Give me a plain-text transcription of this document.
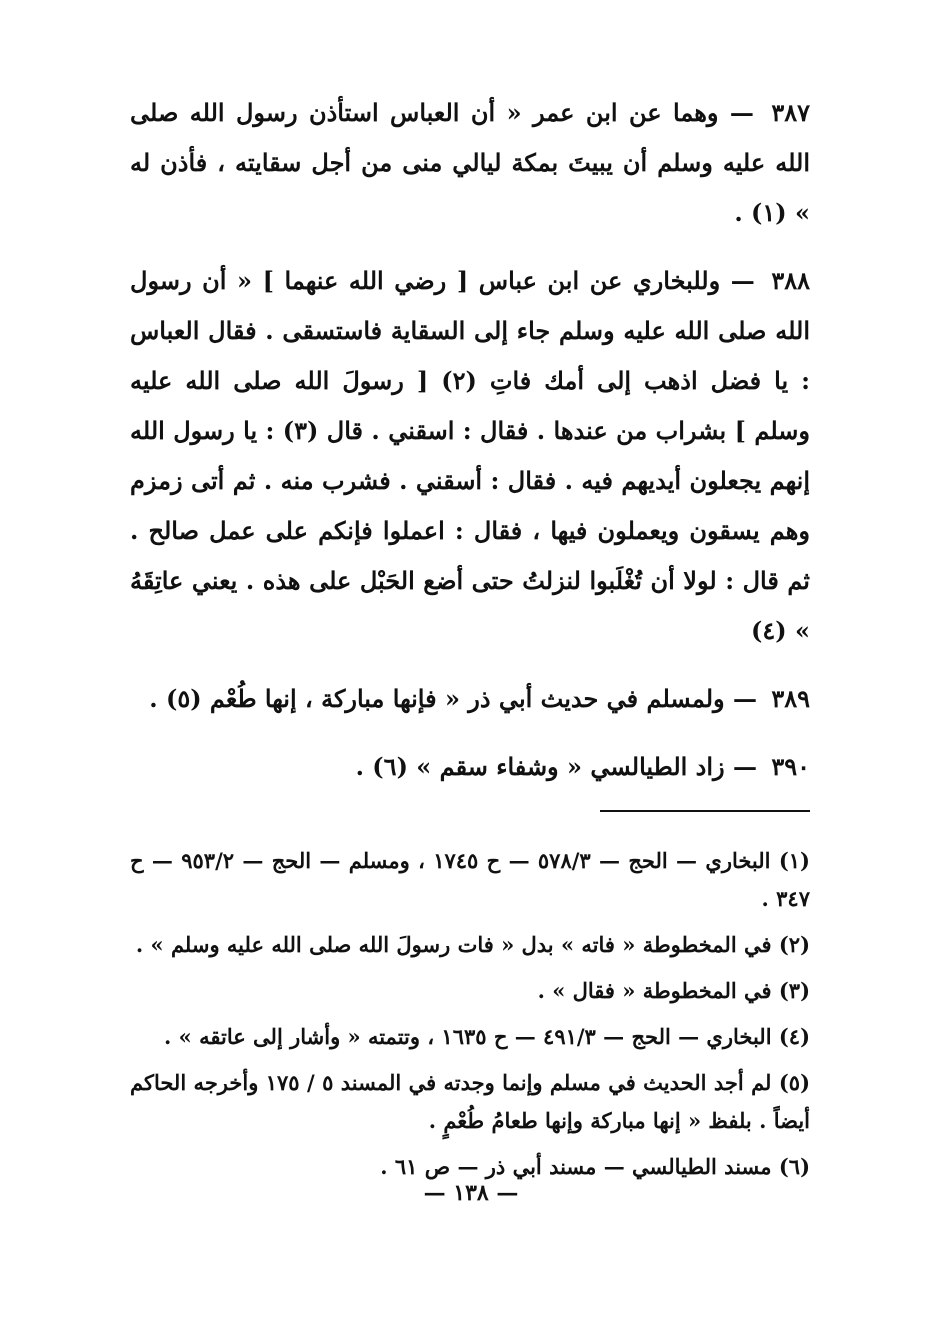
٣٨٧ — وهما عن ابن عمر « أن العباس استأذن رسول الله صلى الله عليه وسلم أن يبيتَ بمكة ليالي منى من أجل سقايته ، فأذن له » (١) .

٣٨٨ — وللبخاري عن ابن عباس [ رضي الله عنهما ] « أن رسول الله صلى الله عليه وسلم جاء إلى السقاية فاستسقى . فقال العباس : يا فضل اذهب إلى أمك فاتِ (٢) [ رسولَ الله صلى الله عليه وسلم ] بشراب من عندها . فقال : اسقني . قال (٣) : يا رسول الله إنهم يجعلون أيديهم فيه . فقال : أسقني . فشرب منه . ثم أتى زمزم وهم يسقون ويعملون فيها ، فقال : اعملوا فإنكم على عمل صالح . ثم قال : لولا أن تُغْلَبوا لنزلتُ حتى أضع الحَبْل على هذه . يعني عاتِقَهُ » (٤)

٣٨٩ — ولمسلم في حديث أبي ذر « فإنها مباركة ، إنها طُعْم (٥) .

٣٩٠ — زاد الطيالسي « وشفاء سقم » (٦) .

(١) البخاري — الحج — ٥٧٨/٣ — ح ١٧٤٥ ، ومسلم — الحج — ٩٥٣/٢ — ح ٣٤٧ .

(٢) في المخطوطة « فاته » بدل « فات رسولَ الله صلى الله عليه وسلم » .

(٣) في المخطوطة « فقال » .

(٤) البخاري — الحج — ٤٩١/٣ — ح ١٦٣٥ ، وتتمته « وأشار إلى عاتقه » .

(٥) لم أجد الحديث في مسلم وإنما وجدته في المسند ٥ / ١٧٥ وأخرجه الحاكم أيضاً . بلفظ « إنها مباركة وإنها طعامُ طُعْمٍ .

(٦) مسند الطيالسي — مسند أبي ذر — ص ٦١ .

— ١٣٨ —
